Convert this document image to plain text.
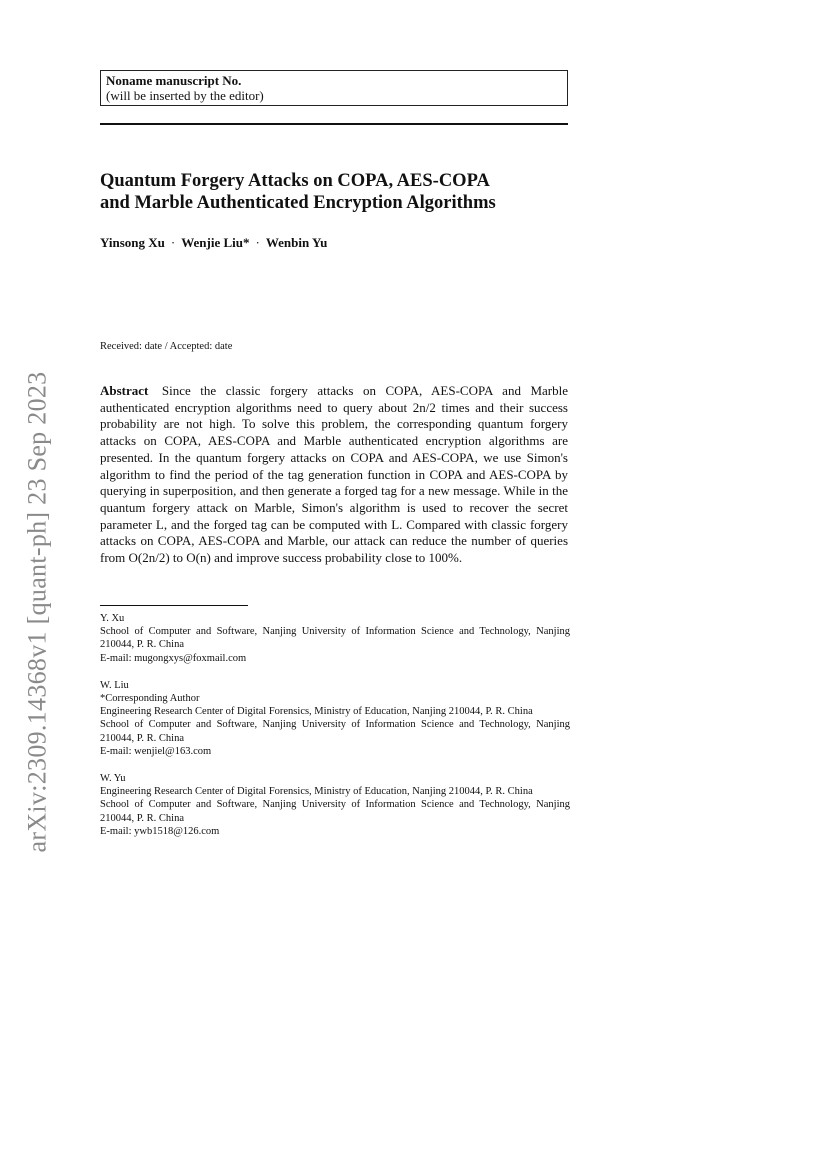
arXiv:2309.14368v1 [quant-ph] 23 Sep 2023
Noname manuscript No.
(will be inserted by the editor)
Quantum Forgery Attacks on COPA, AES-COPA
and Marble Authenticated Encryption Algorithms
Yinsong Xu · Wenjie Liu* · Wenbin Yu
Received: date / Accepted: date
Abstract Since the classic forgery attacks on COPA, AES-COPA and Marble authenticated encryption algorithms need to query about 2n/2 times and their success probability are not high. To solve this problem, the corresponding quantum forgery attacks on COPA, AES-COPA and Marble authenticated encryption algorithms are presented. In the quantum forgery attacks on COPA and AES-COPA, we use Simon's algorithm to find the period of the tag generation function in COPA and AES-COPA by querying in superposition, and then generate a forged tag for a new message. While in the quantum forgery attack on Marble, Simon's algorithm is used to recover the secret parameter L, and the forged tag can be computed with L. Compared with classic forgery attacks on COPA, AES-COPA and Marble, our attack can reduce the number of queries from O(2n/2) to O(n) and improve success probability close to 100%.
Y. Xu
School of Computer and Software, Nanjing University of Information Science and Technology, Nanjing 210044, P. R. China
E-mail: mugongxys@foxmail.com
W. Liu
*Corresponding Author
Engineering Research Center of Digital Forensics, Ministry of Education, Nanjing 210044, P. R. China
School of Computer and Software, Nanjing University of Information Science and Technology, Nanjing 210044, P. R. China
E-mail: wenjiel@163.com
W. Yu
Engineering Research Center of Digital Forensics, Ministry of Education, Nanjing 210044, P. R. China
School of Computer and Software, Nanjing University of Information Science and Technology, Nanjing 210044, P. R. China
E-mail: ywb1518@126.com
